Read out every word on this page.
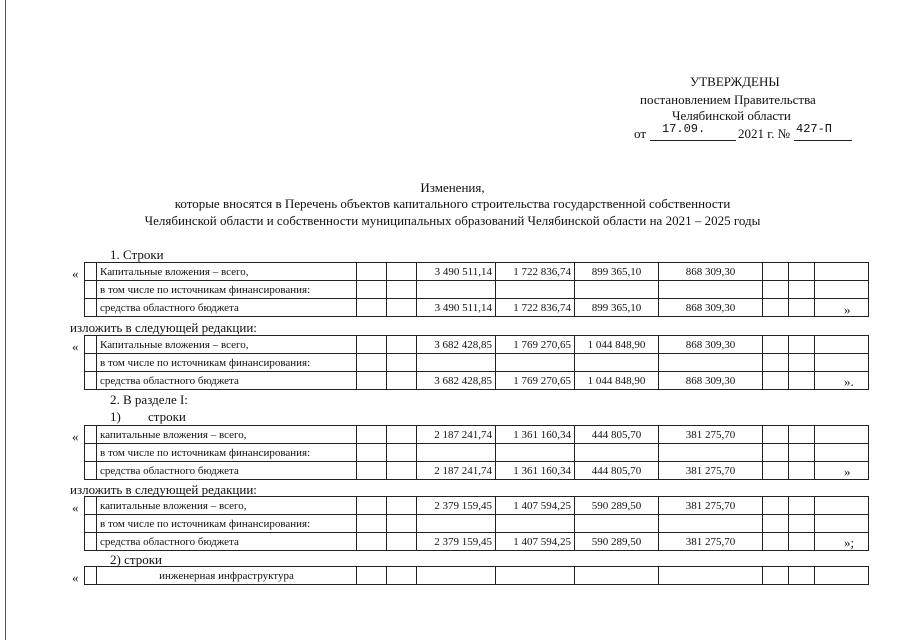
УТВЕРЖДЕНЫ
постановлением Правительства
Челябинской области
от 17.09.	2021 г. № 427-П
Изменения,
которые вносятся в Перечень объектов капитального строительства государственной собственности
Челябинской области и собственности муниципальных образований Челябинской области на 2021 – 2025 годы
1. Строки
«
	Капитальные вложения – всего,			3 490 511,14	1 722 836,74	899 365,10	868 309,30			
	в том числе по источникам финансирования:									
	средства областного бюджета			3 490 511,14	1 722 836,74	899 365,10	868 309,30				»
изложить в следующей редакции:
«
	Капитальные вложения – всего,			3 682 428,85	1 769 270,65	1 044 848,90	868 309,30			
	в том числе по источникам финансирования:									
	средства областного бюджета			3 682 428,85	1 769 270,65	1 044 848,90	868 309,30				».
2. В разделе I:
1) строки
«
	капитальные вложения – всего,			2 187 241,74	1 361 160,34	444 805,70	381 275,70			
	в том числе по источникам финансирования:									
	средства областного бюджета			2 187 241,74	1 361 160,34	444 805,70	381 275,70				»
изложить в следующей редакции:
«
	капитальные вложения – всего,			2 379 159,45	1 407 594,25	590 289,50	381 275,70			
	в том числе по источникам финансирования:									
	средства областного бюджета			2 379 159,45	1 407 594,25	590 289,50	381 275,70				»;
2) строки
«
		инженерная инфраструктура									
